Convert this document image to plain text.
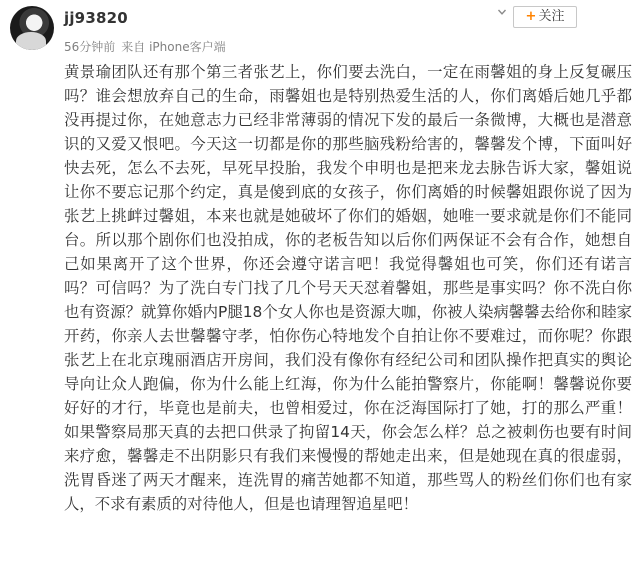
jj93820
56分钟前 来自 iPhone客户端
+ 关注

黄景瑜团队还有那个第三者张艺上，你们要去洗白，一定在雨馨姐的身上反复碾压吗？谁会想放弃自己的生命，雨馨姐也是特别热爱生活的人，你们离婚后她几乎都没再提过你，在她意志力已经非常薄弱的情况下发的最后一条微博，大概也是潜意识的又爱又恨吧。今天这一切都是你的那些脑残粉给害的，馨馨发个博，下面叫好快去死，怎么不去死，早死早投胎，我发个申明也是把来龙去脉告诉大家，馨姐说让你不要忘记那个约定，真是傻到底的女孩子，你们离婚的时候馨姐跟你说了因为张艺上挑衅过馨姐，本来也就是她破坏了你们的婚姻，她唯一要求就是你们不能同台。所以那个剧你们也没拍成，你的老板告知以后你们两保证不会有合作，她想自己如果离开了这个世界，你还会遵守诺言吧！我觉得馨姐也可笑，你们还有诺言吗？可信吗？为了洗白专门找了几个号天天怼着馨姐，那些是事实吗？你不洗白你也有资源？就算你婚内P腿18个女人你也是资源大咖，你被人染病馨馨去给你和睦家开药，你亲人去世馨馨守孝，怕你伤心特地发个自拍让你不要难过，而你呢？你跟张艺上在北京瑰丽酒店开房间，我们没有像你有经纪公司和团队操作把真实的舆论导向让众人跑偏，你为什么能上红海，你为什么能拍警察片，你能啊！馨馨说你要好好的才行，毕竟也是前夫，也曾相爱过，你在泛海国际打了她，打的那么严重！如果警察局那天真的去把口供录了拘留14天，你会怎么样？总之被刺伤也要有时间来疗愈，馨馨走不出阴影只有我们来慢慢的帮她走出来，但是她现在真的很虚弱，洗胃昏迷了两天才醒来，连洗胃的痛苦她都不知道，那些骂人的粉丝们你们也有家人，不求有素质的对待他人，但是也请理智追星吧！
